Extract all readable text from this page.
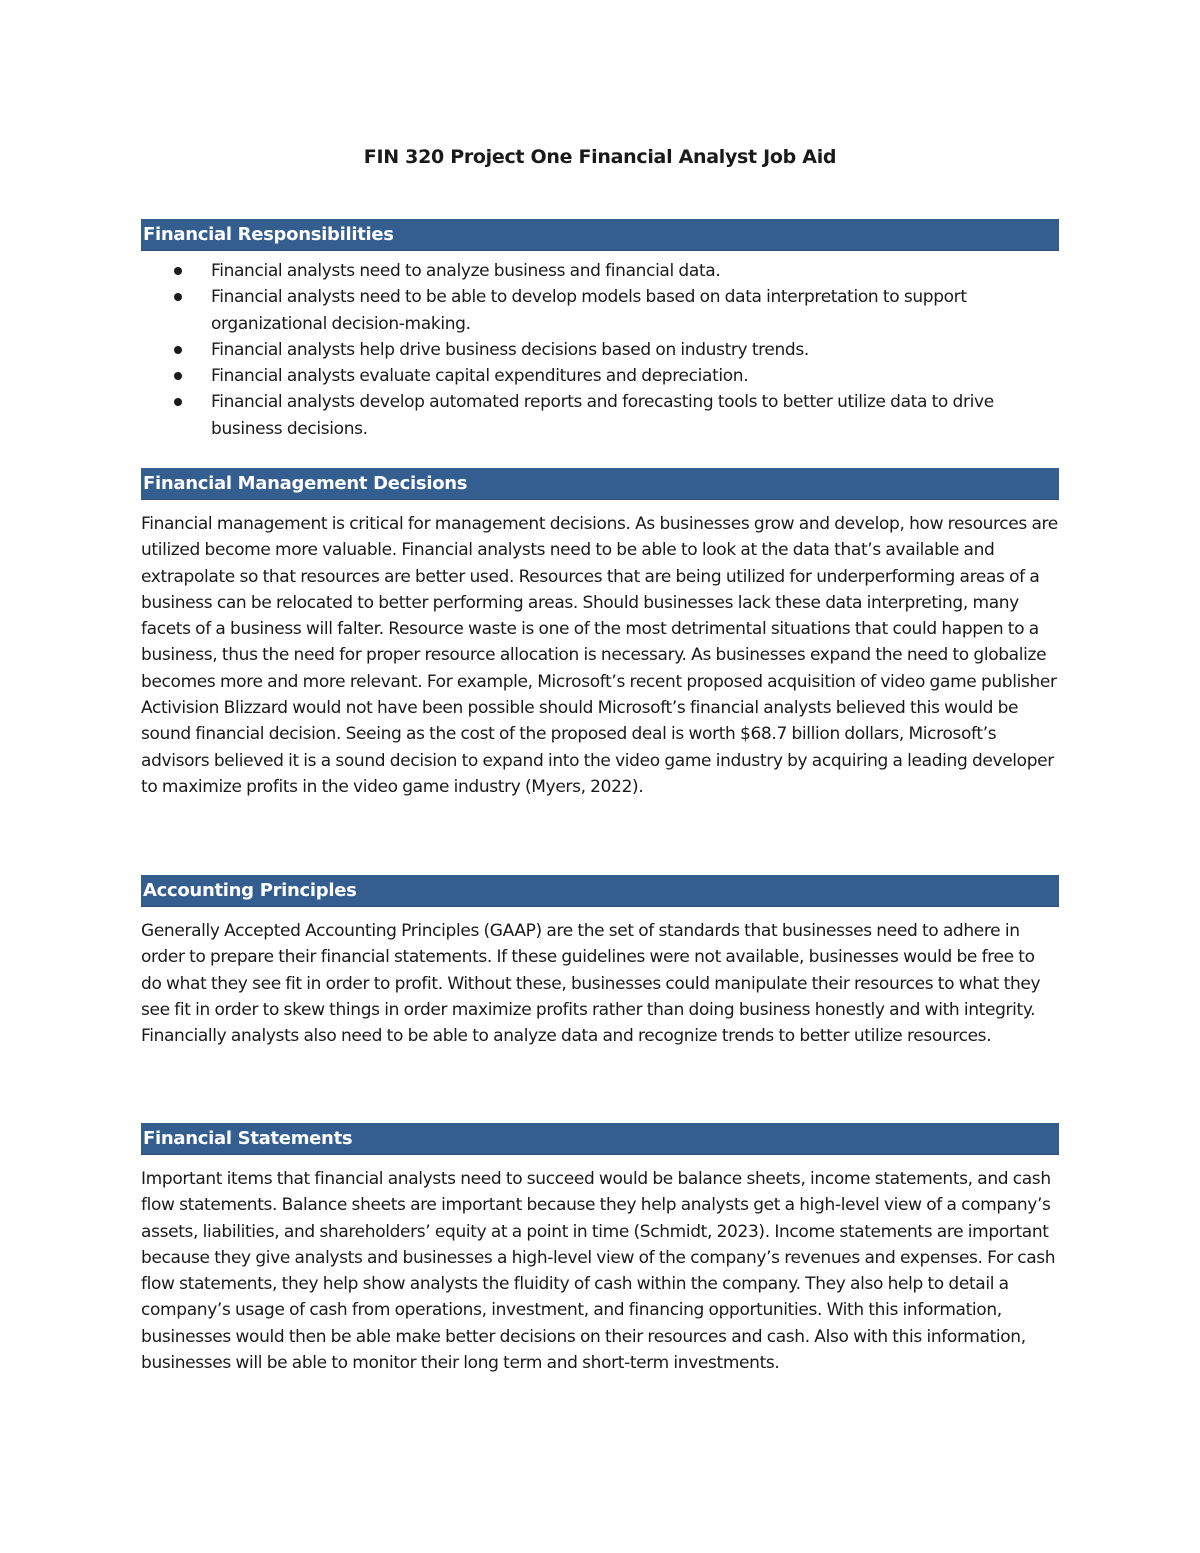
FIN 320 Project One Financial Analyst Job Aid
Financial Responsibilities
Financial analysts need to analyze business and financial data.
Financial analysts need to be able to develop models based on data interpretation to support organizational decision-making.
Financial analysts help drive business decisions based on industry trends.
Financial analysts evaluate capital expenditures and depreciation.
Financial analysts develop automated reports and forecasting tools to better utilize data to drive business decisions.
Financial Management Decisions

Financial management is critical for management decisions. As businesses grow and develop, how resources are utilized become more valuable. Financial analysts need to be able to look at the data that’s available and extrapolate so that resources are better used. Resources that are being utilized for underperforming areas of a business can be relocated to better performing areas. Should businesses lack these data interpreting, many facets of a business will falter. Resource waste is one of the most detrimental situations that could happen to a business, thus the need for proper resource allocation is necessary. As businesses expand the need to globalize becomes more and more relevant. For example, Microsoft’s recent proposed acquisition of video game publisher Activision Blizzard would not have been possible should Microsoft’s financial analysts believed this would be sound financial decision. Seeing as the cost of the proposed deal is worth $68.7 billion dollars, Microsoft’s advisors believed it is a sound decision to expand into the video game industry by acquiring a leading developer to maximize profits in the video game industry (Myers, 2022).

Accounting Principles

Generally Accepted Accounting Principles (GAAP) are the set of standards that businesses need to adhere in order to prepare their financial statements. If these guidelines were not available, businesses would be free to do what they see fit in order to profit. Without these, businesses could manipulate their resources to what they see fit in order to skew things in order maximize profits rather than doing business honestly and with integrity. Financially analysts also need to be able to analyze data and recognize trends to better utilize resources.

Financial Statements

Important items that financial analysts need to succeed would be balance sheets, income statements, and cash flow statements. Balance sheets are important because they help analysts get a high-level view of a company’s assets, liabilities, and shareholders’ equity at a point in time (Schmidt, 2023). Income statements are important because they give analysts and businesses a high-level view of the company’s revenues and expenses. For cash flow statements, they help show analysts the fluidity of cash within the company. They also help to detail a company’s usage of cash from operations, investment, and financing opportunities. With this information, businesses would then be able make better decisions on their resources and cash. Also with this information, businesses will be able to monitor their long term and short-term investments.
